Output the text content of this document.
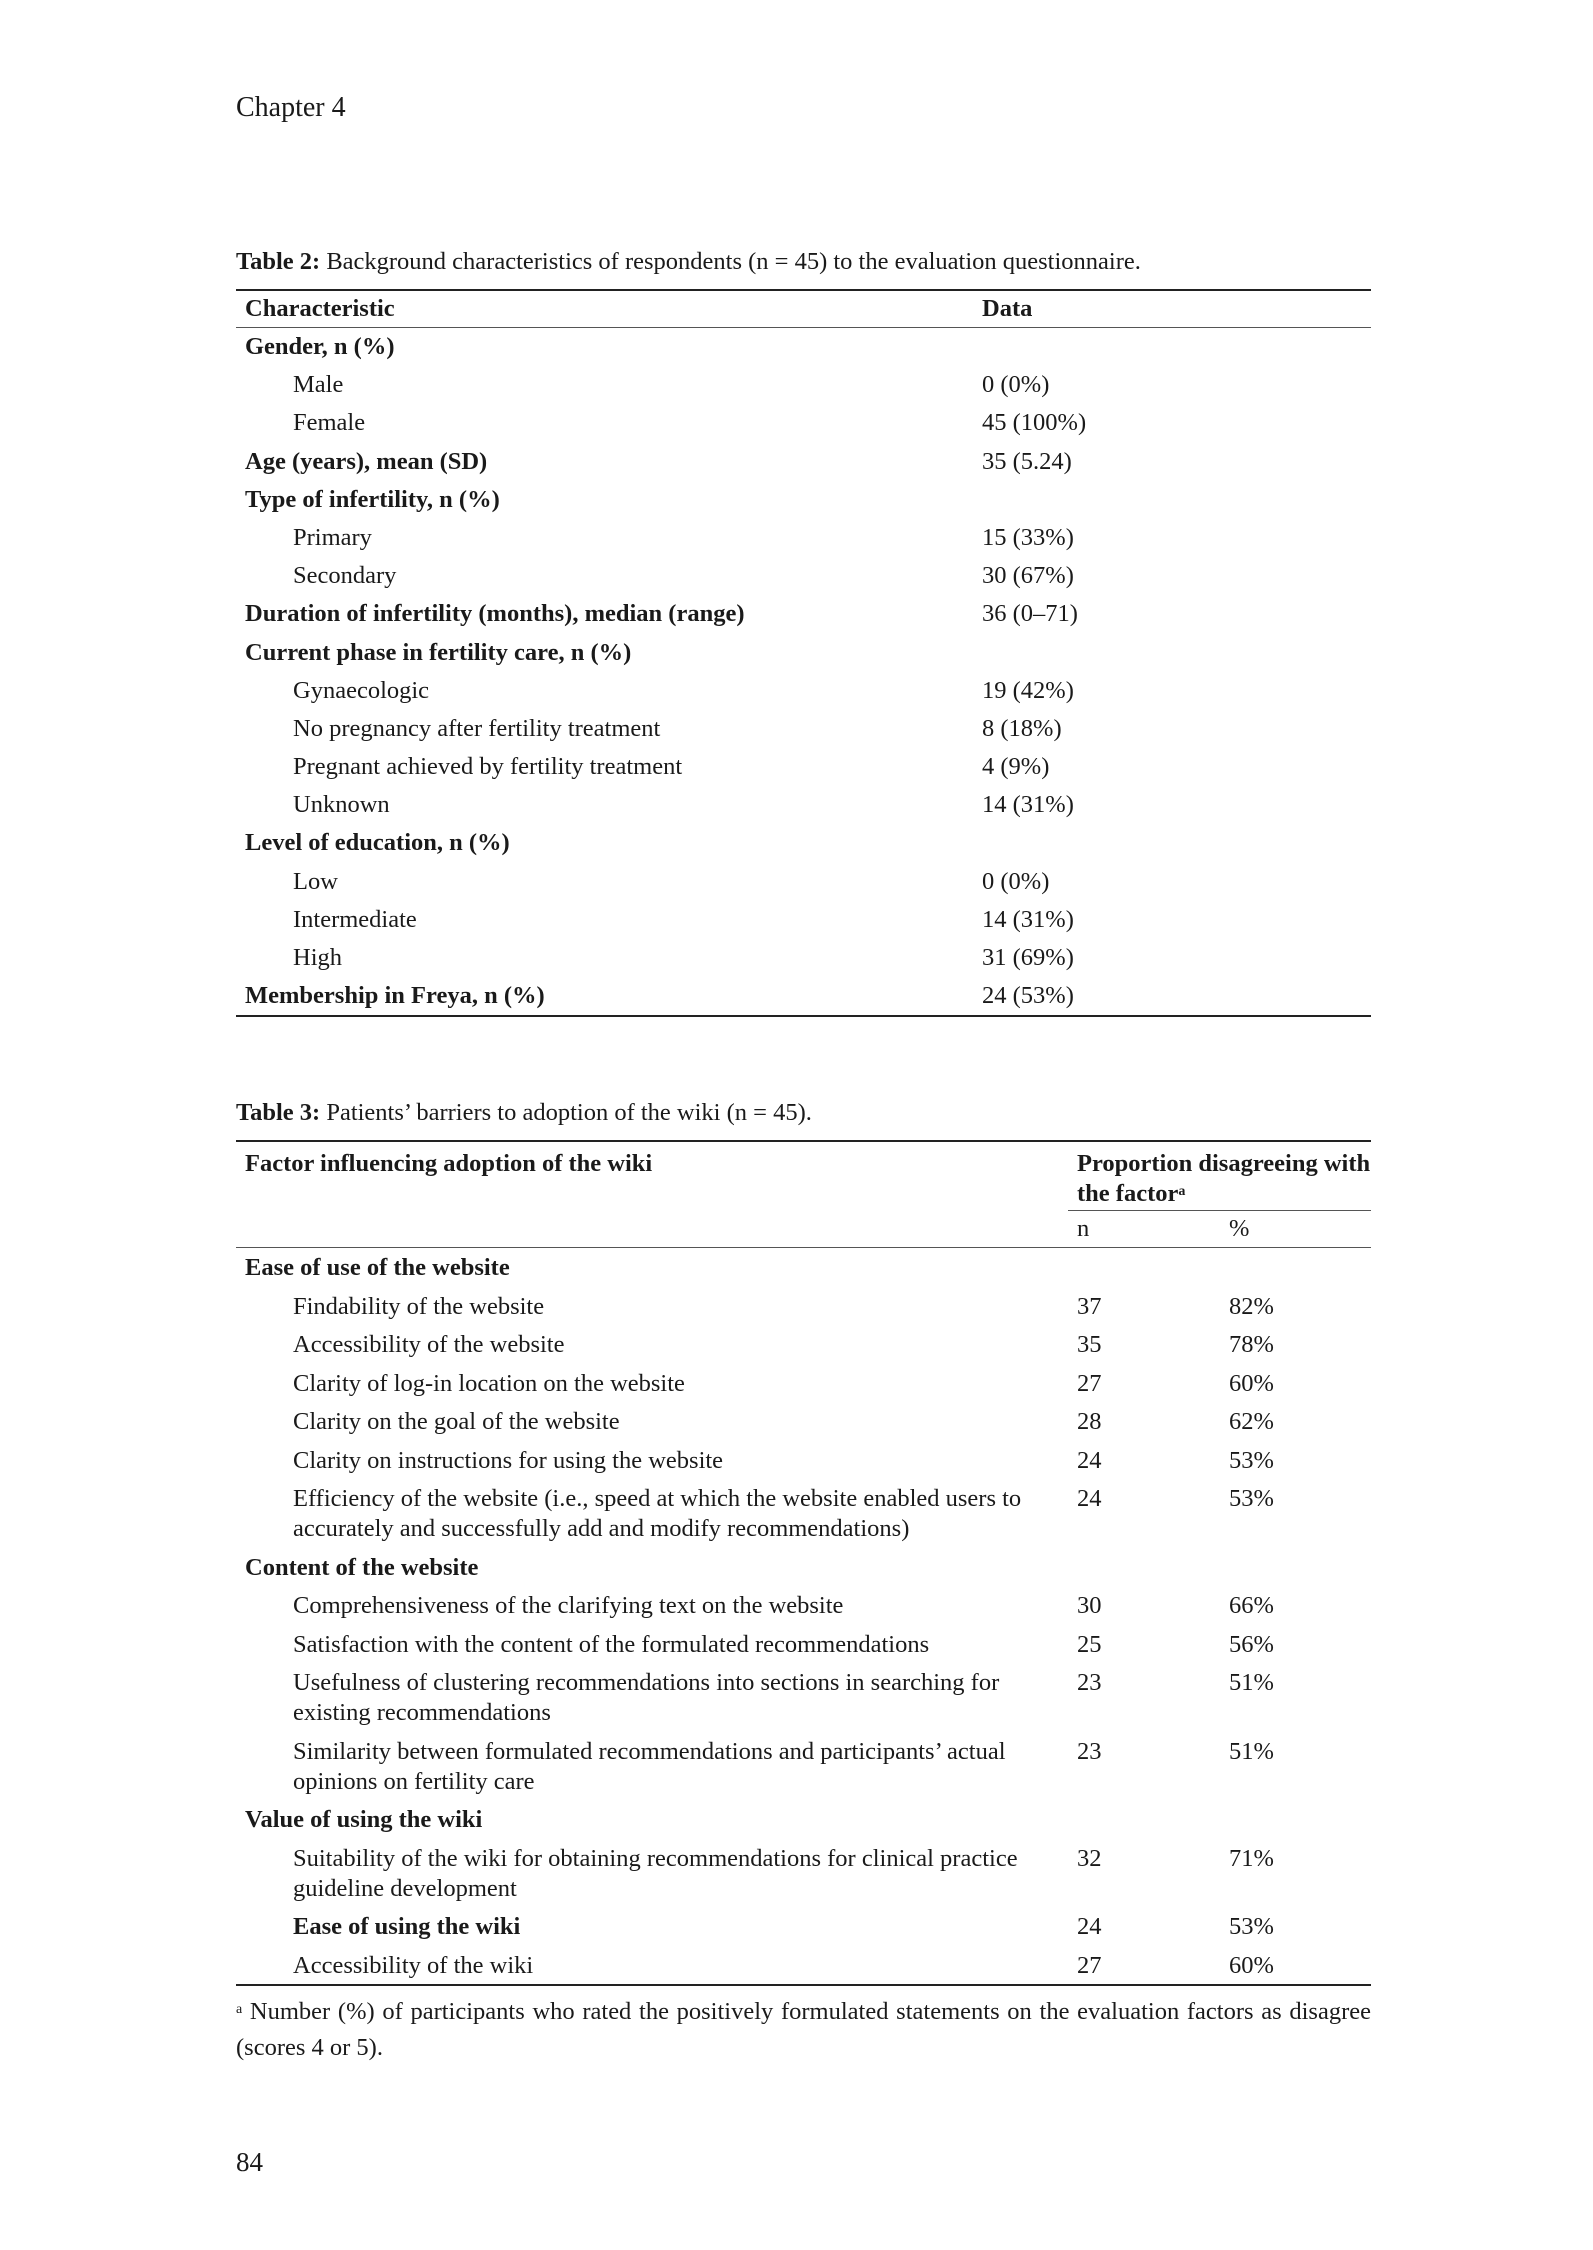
Chapter 4
Table 2: Background characteristics of respondents (n = 45) to the evaluation questionnaire.
Characteristic	Data
Gender, n (%)	
Male	0 (0%)
Female	45 (100%)
Age (years), mean (SD)	35 (5.24)
Type of infertility, n (%)	
Primary	15 (33%)
Secondary	30 (67%)
Duration of infertility (months), median (range)	36 (0–71)
Current phase in fertility care, n (%)	
Gynaecologic	19 (42%)
No pregnancy after fertility treatment	8 (18%)
Pregnant achieved by fertility treatment	4 (9%)
Unknown	14 (31%)
Level of education, n (%)	
Low	0 (0%)
Intermediate	14 (31%)
High	31 (69%)
Membership in Freya, n (%)	24 (53%)
Table 3: Patients’ barriers to adoption of the wiki (n = 45).
Factor influencing adoption of the wiki	Proportion disagreeing with the factor$^a$
	n	%
Ease of use of the website		
Findability of the website	37	82%
Accessibility of the website	35	78%
Clarity of log-in location on the website	27	60%
Clarity on the goal of the website	28	62%
Clarity on instructions for using the website	24	53%
Efficiency of the website (i.e., speed at which the website enabled users to accurately and successfully add and modify recommendations)	24	53%
Content of the website		
Comprehensiveness of the clarifying text on the website	30	66%
Satisfaction with the content of the formulated recommendations	25	56%
Usefulness of clustering recommendations into sections in searching for existing recommendations	23	51%
Similarity between formulated recommendations and participants’ actual opinions on fertility care	23	51%
Value of using the wiki		
Suitability of the wiki for obtaining recommendations for clinical practice guideline development	32	71%
Ease of using the wiki	24	53%
Accessibility of the wiki	27	60%
$^a$ Number (%) of participants who rated the positively formulated statements on the evaluation factors as disagree (scores 4 or 5).
84
